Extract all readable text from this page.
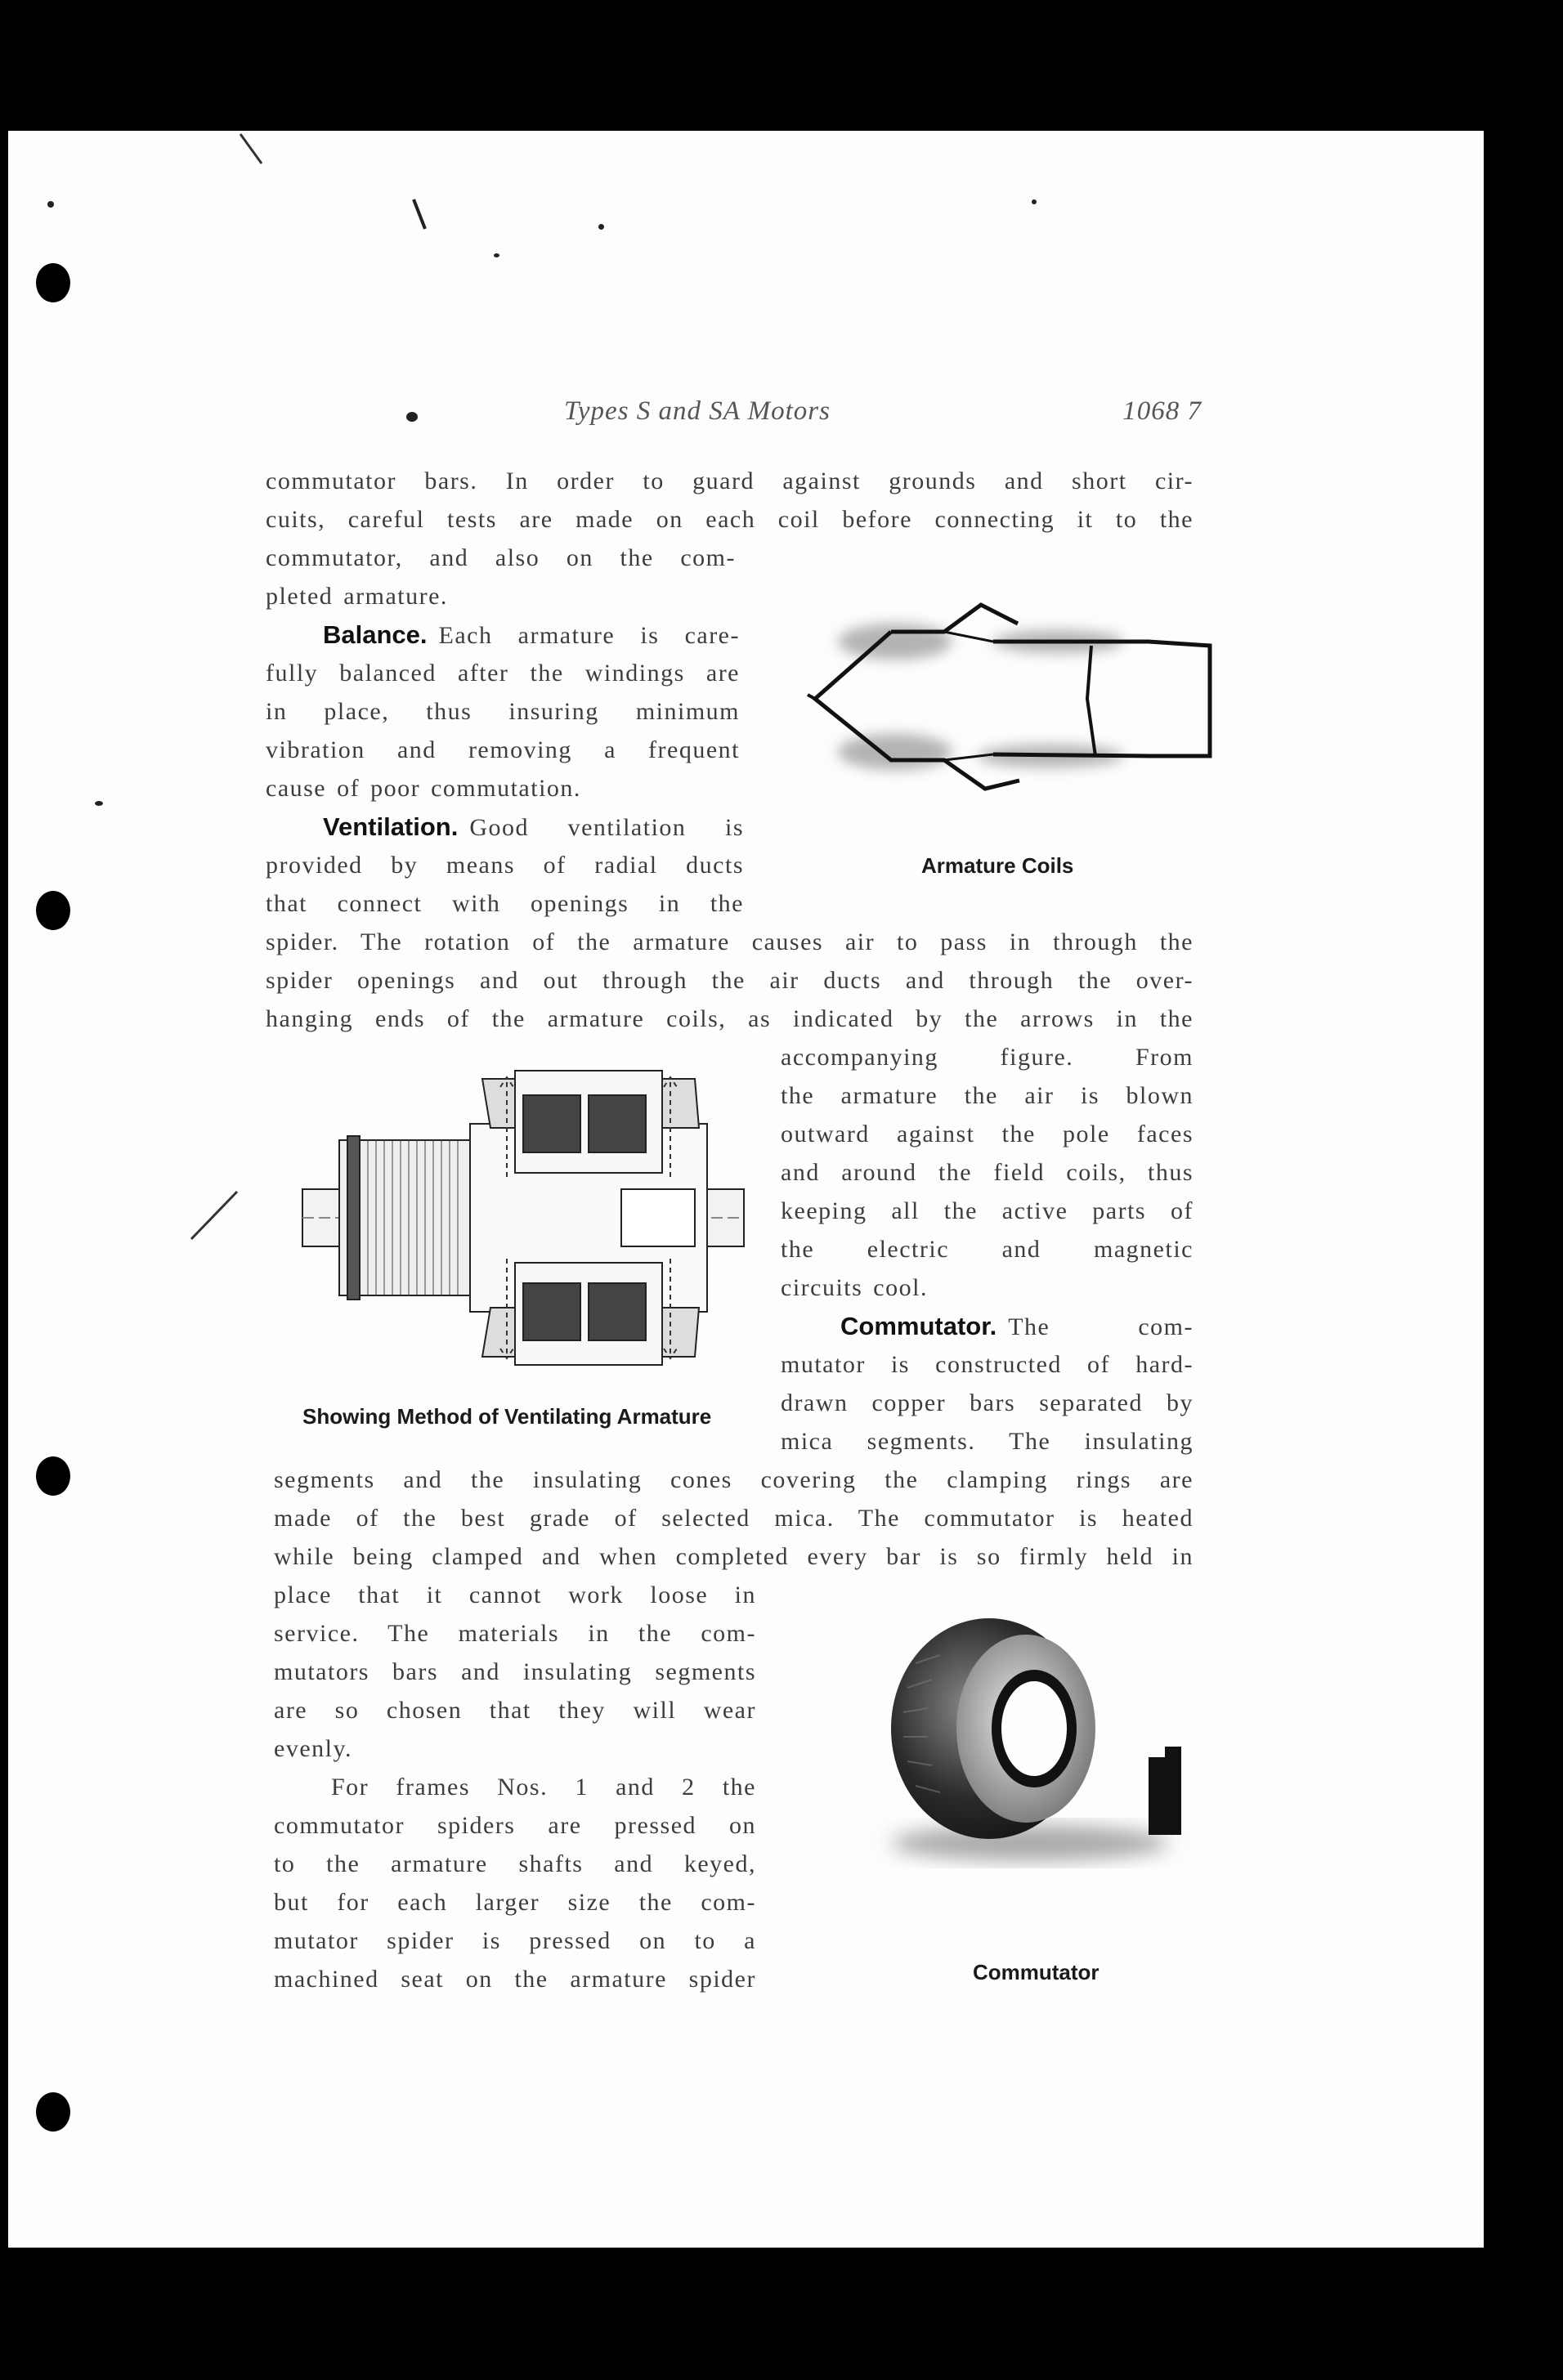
Types S and SA Motors	1068 7
commutator bars. In order to guard against grounds and short cir-
cuits, careful tests are made on each coil before connecting it to the
commutator, and also on the com-
pleted armature.
Balance. Each armature is care-
fully balanced after the windings are
in place, thus insuring minimum
vibration and removing a frequent
cause of poor commutation.
Ventilation. Good ventilation is
provided by means of radial ducts
that connect with openings in the
spider. The rotation of the armature causes air to pass in through the
spider openings and out through the air ducts and through the over-
hanging ends of the armature coils, as indicated by the arrows in the
accompanying figure. From
the armature the air is blown
outward against the pole faces
and around the field coils, thus
keeping all the active parts of
the electric and magnetic
circuits cool.
Commutator. The com-
mutator is constructed of hard-
drawn copper bars separated by
mica segments. The insulating
segments and the insulating cones covering the clamping rings are
made of the best grade of selected mica. The commutator is heated
while being clamped and when completed every bar is so firmly held in
place that it cannot work loose in
service. The materials in the com-
mutators bars and insulating segments
are so chosen that they will wear
evenly.
For frames Nos. 1 and 2 the
commutator spiders are pressed on
to the armature shafts and keyed,
but for each larger size the com-
mutator spider is pressed on to a
machined seat on the armature spider
Armature Coils
Showing Method of Ventilating Armature
Commutator
